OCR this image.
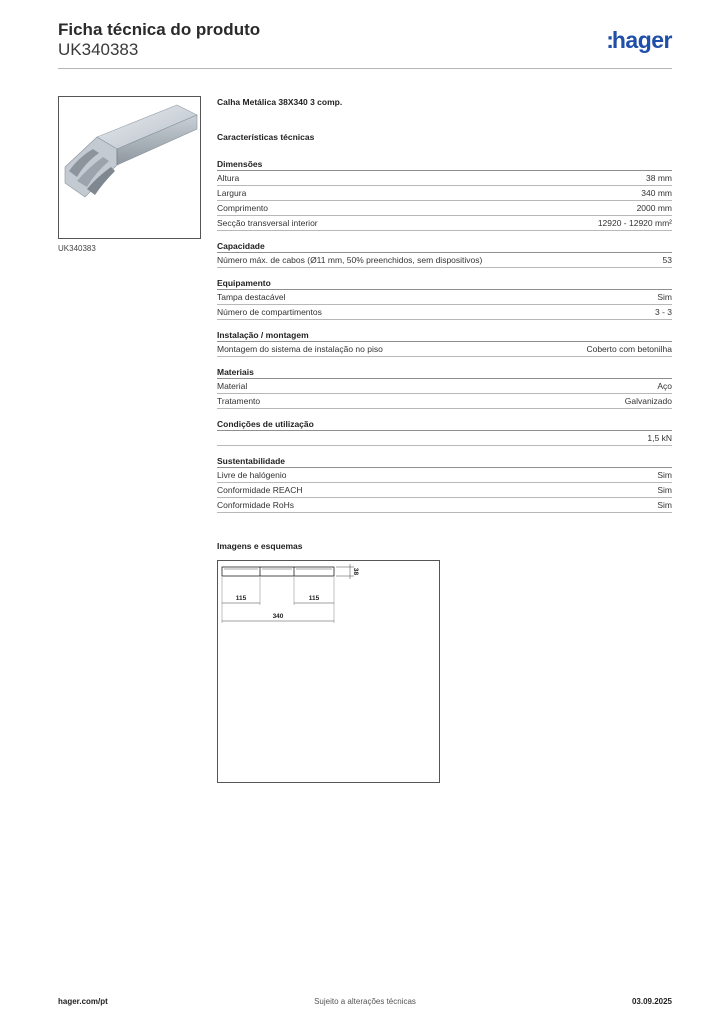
Ficha técnica do produto
UK340383	:hager
UK340383
Calha Metálica 38X340 3 comp.
Características técnicas
Dimensões
Altura	38 mm
Largura	340 mm
Comprimento	2000 mm
Secção transversal interior	12920 - 12920 mm²
Capacidade
Número máx. de cabos (Ø11 mm, 50% preenchidos, sem dispositivos)	53
Equipamento
Tampa destacável	Sim
Número de compartimentos	3 - 3
Instalação / montagem
Montagem do sistema de instalação no piso	Coberto com betonilha
Materiais
Material	Aço
Tratamento	Galvanizado
Condições de utilização
1,5 kN
Sustentabilidade
Livre de halógenio	Sim
Conformidade REACH	Sim
Conformidade RoHs	Sim
Imagens e esquemas
38
115	115
340
Sujeito a alterações técnicas
hager.com/pt	03.09.2025
